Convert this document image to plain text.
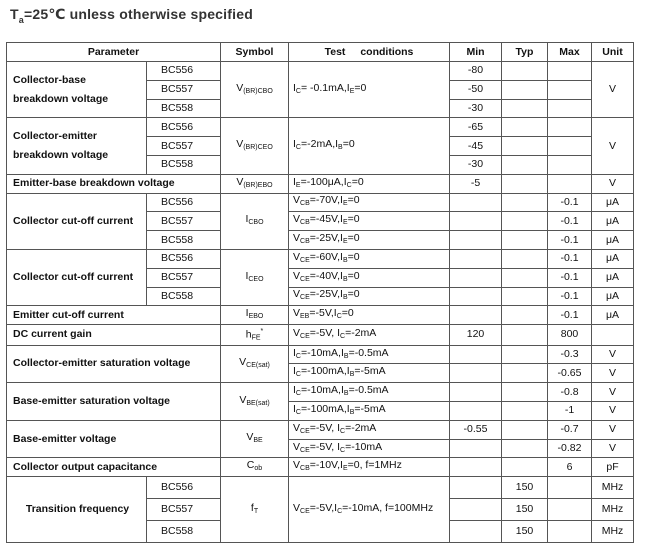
$T_a=25℃$ unless otherwise specified
Parameter		Symbol	Test conditions	Min	Typ	Max	Unit
Collector-base
breakdown voltage	BC556	$V_{(BR)CBO}$	$I_C= -0.1mA,I_E=0$	-80			V
	BC557			-50			
	BC558			-30			
Collector-emitter
breakdown voltage	BC556	$V_{(BR)CEO}$	$I_C=-2mA,I_B=0$	-65			V
	BC557			-45			
	BC558			-30			
Emitter-base breakdown voltage		$V_{(BR)EBO}$	$I_E=-100\mu A,I_C=0$	-5			V
Collector cut-off current	BC556	$I_{CBO}$	$V_{CB}=-70V,I_E=0$			-0.1	μA
	BC557		$V_{CB}=-45V,I_E=0$			-0.1	μA
	BC558		$V_{CB}=-25V,I_E=0$			-0.1	μA
Collector cut-off current	BC556	$I_{CEO}$	$V_{CE}=-60V,I_B=0$			-0.1	μA
	BC557		$V_{CE}=-40V,I_B=0$			-0.1	μA
	BC558		$V_{CE}=-25V,I_B=0$			-0.1	μA
Emitter cut-off current		$I_{EBO}$	$V_{EB}=-5V,I_C=0$			-0.1	μA
DC current gain		$h_{FE}^*$	$V_{CE}=-5V$, $I_C=-2mA$	120		800	
Collector-emitter saturation voltage		$V_{CE(sat)}$	$I_C=-10mA,I_B=-0.5mA$			-0.3	V
			$I_C=-100mA,I_B=-5mA$			-0.65	V
Base-emitter saturation voltage		$V_{BE(sat)}$	$I_C=-10mA,I_B=-0.5mA$			-0.8	V
			$I_C=-100mA,I_B=-5mA$			-1	V
Base-emitter voltage		$V_{BE}$	$V_{CE}=-5V$, $I_C=-2mA$	-0.55		-0.7	V
			$V_{CE}=-5V$, $I_C=-10mA$			-0.82	V
Collector output capacitance		$C_{ob}$	$V_{CB}=-10V,I_E=0$, f=1MHz			6	pF
Transition frequency	BC556	$f_T$	$V_{CE}=-5V,I_C=-10mA$, f=100MHz		150		MHz
	BC557				150		MHz
	BC558				150		MHz
